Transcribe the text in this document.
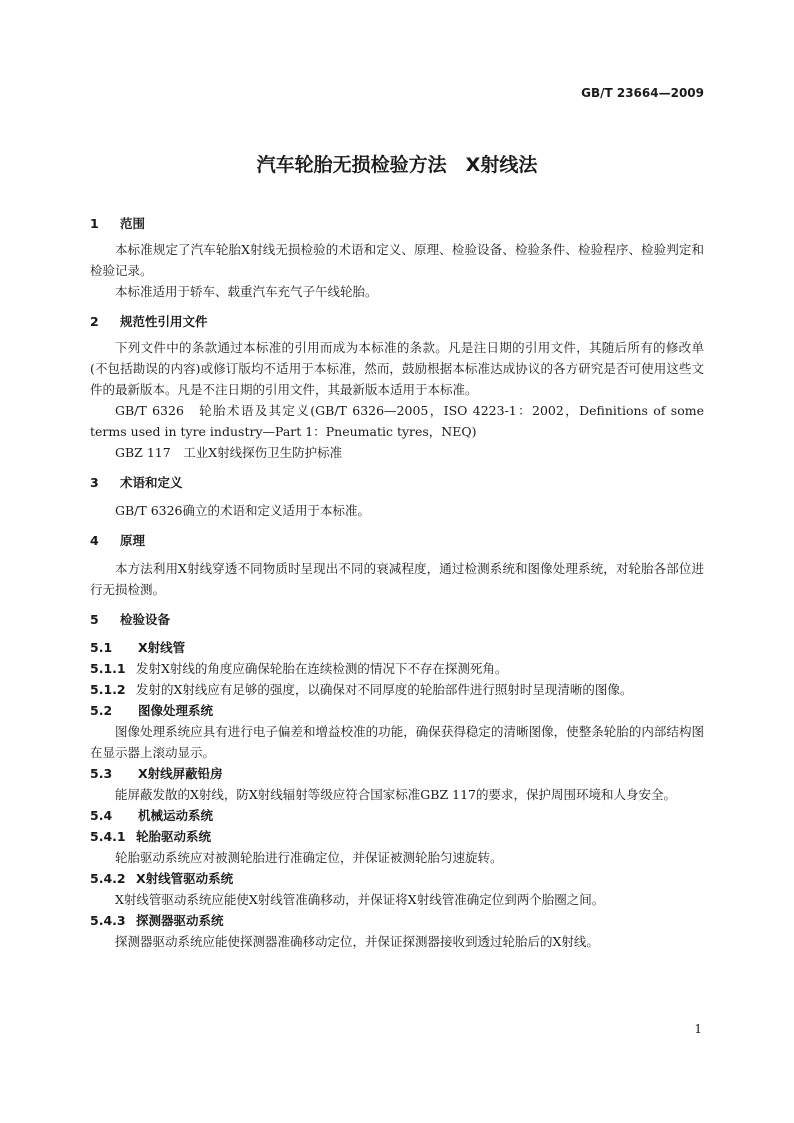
GB/T 23664—2009
汽车轮胎无损检验方法　X射线法
1 范围

本标准规定了汽车轮胎X射线无损检验的术语和定义、原理、检验设备、检验条件、检验程序、检验判定和检验记录。

本标准适用于轿车、载重汽车充气子午线轮胎。

2 规范性引用文件

下列文件中的条款通过本标准的引用而成为本标准的条款。凡是注日期的引用文件，其随后所有的修改单(不包括勘误的内容)或修订版均不适用于本标准，然而，鼓励根据本标准达成协议的各方研究是否可使用这些文件的最新版本。凡是不注日期的引用文件，其最新版本适用于本标准。

GB/T 6326　轮胎术语及其定义(GB/T 6326—2005，ISO 4223-1：2002，Definitions of some terms used in tyre industry—Part 1：Pneumatic tyres，NEQ)

GBZ 117　工业X射线探伤卫生防护标准

3 术语和定义

GB/T 6326确立的术语和定义适用于本标准。

4 原理

本方法利用X射线穿透不同物质时呈现出不同的衰减程度，通过检测系统和图像处理系统，对轮胎各部位进行无损检测。

5 检验设备
5.1 X射线管

5.1.1 发射X射线的角度应确保轮胎在连续检测的情况下不存在探测死角。

5.1.2 发射的X射线应有足够的强度，以确保对不同厚度的轮胎部件进行照射时呈现清晰的图像。

5.2 图像处理系统

图像处理系统应具有进行电子偏差和增益校准的功能，确保获得稳定的清晰图像，使整条轮胎的内部结构图在显示器上滚动显示。

5.3 X射线屏蔽铅房

能屏蔽发散的X射线，防X射线辐射等级应符合国家标准GBZ 117的要求，保护周围环境和人身安全。

5.4 机械运动系统
5.4.1 轮胎驱动系统

轮胎驱动系统应对被测轮胎进行准确定位，并保证被测轮胎匀速旋转。

5.4.2 X射线管驱动系统

X射线管驱动系统应能使X射线管准确移动，并保证将X射线管准确定位到两个胎圈之间。

5.4.3 探测器驱动系统

探测器驱动系统应能使探测器准确移动定位，并保证探测器接收到透过轮胎后的X射线。

1
